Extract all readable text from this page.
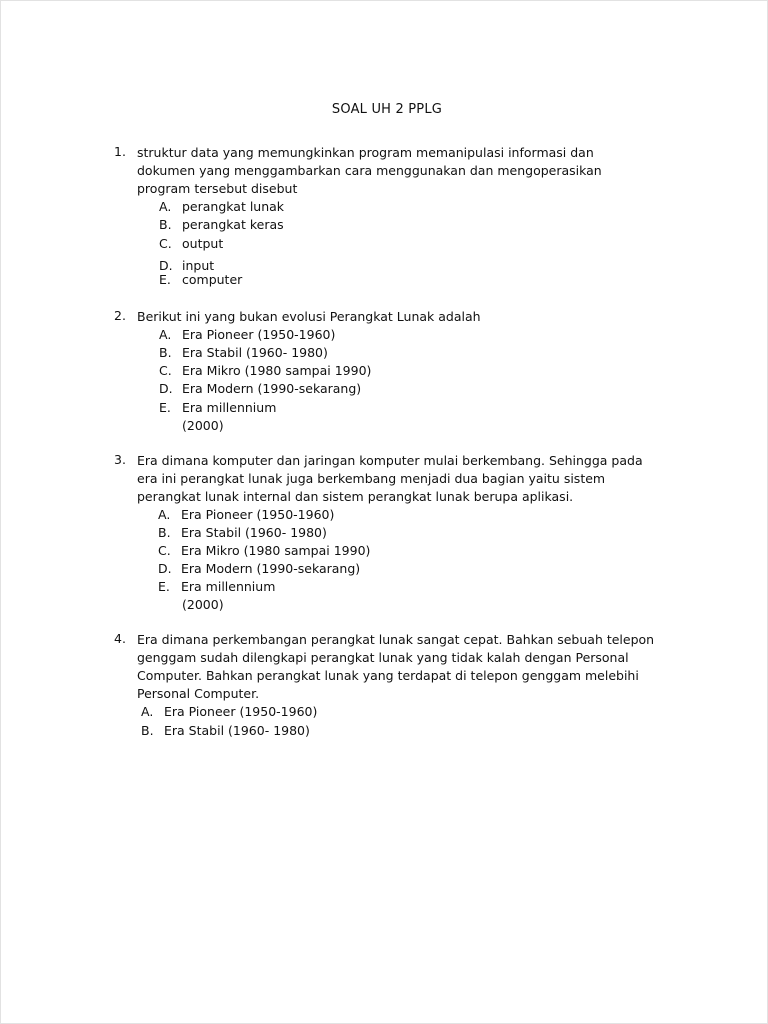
SOAL UH 2 PPLG
1. struktur data yang memungkinkan program memanipulasi informasi dan
dokumen yang menggambarkan cara menggunakan dan mengoperasikan
program tersebut disebut
A. perangkat lunak
B. perangkat keras
C. output
D. input
E. computer
2. Berikut ini yang bukan evolusi Perangkat Lunak adalah
A. Era Pioneer (1950-1960)
B. Era Stabil (1960- 1980)
C. Era Mikro (1980 sampai 1990)
D. Era Modern (1990-sekarang)
E. Era millennium
(2000)
3. Era dimana komputer dan jaringan komputer mulai berkembang. Sehingga pada
era ini perangkat lunak juga berkembang menjadi dua bagian yaitu sistem
perangkat lunak internal dan sistem perangkat lunak berupa aplikasi.
A. Era Pioneer (1950-1960)
B. Era Stabil (1960- 1980)
C. Era Mikro (1980 sampai 1990)
D. Era Modern (1990-sekarang)
E. Era millennium
(2000)
4. Era dimana perkembangan perangkat lunak sangat cepat. Bahkan sebuah telepon
genggam sudah dilengkapi perangkat lunak yang tidak kalah dengan Personal
Computer. Bahkan perangkat lunak yang terdapat di telepon genggam melebihi
Personal Computer.
A. Era Pioneer (1950-1960)
B. Era Stabil (1960- 1980)
